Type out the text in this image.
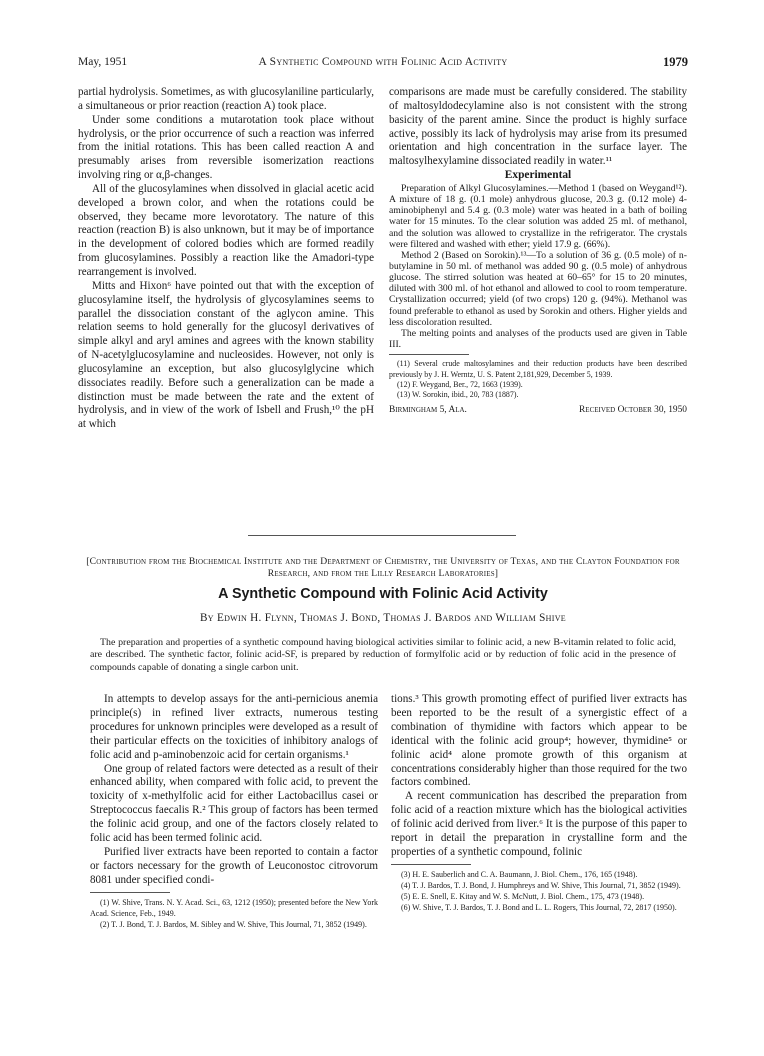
May, 1951	A Synthetic Compound with Folinic Acid Activity	1979

partial hydrolysis. Sometimes, as with glucosylaniline particularly, a simultaneous or prior reaction (reaction A) took place.

Under some conditions a mutarotation took place without hydrolysis, or the prior occurrence of such a reaction was inferred from the initial rotations. This has been called reaction A and presumably arises from reversible isomerization reactions involving ring or α,β-changes.

All of the glucosylamines when dissolved in glacial acetic acid developed a brown color, and when the rotations could be observed, they became more levorotatory. The nature of this reaction (reaction B) is also unknown, but it may be of importance in the development of colored bodies which are formed readily from glucosylamines. Possibly a reaction like the Amadori-type rearrangement is involved.

Mitts and Hixon⁶ have pointed out that with the exception of glucosylamine itself, the hydrolysis of glycosylamines seems to parallel the dissociation constant of the aglycon amine. This relation seems to hold generally for the glucosyl derivatives of simple alkyl and aryl amines and agrees with the known stability of N-acetylglucosylamine and nucleosides. However, not only is glucosylamine an exception, but also glucosylglycine which dissociates readily. Before such a generalization can be made a distinction must be made between the rate and the extent of hydrolysis, and in view of the work of Isbell and Frush,¹⁰ the pH at which

comparisons are made must be carefully considered. The stability of maltosyldodecylamine also is not consistent with the strong basicity of the parent amine. Since the product is highly surface active, possibly its lack of hydrolysis may arise from its presumed orientation and high concentration in the surface layer. The maltosylhexylamine dissociated readily in water.¹¹

Experimental

Preparation of Alkyl Glucosylamines.—Method 1 (based on Weygand¹²). A mixture of 18 g. (0.1 mole) anhydrous glucose, 20.3 g. (0.12 mole) 4-aminobiphenyl and 5.4 g. (0.3 mole) water was heated in a bath of boiling water for 15 minutes. To the clear solution was added 25 ml. of methanol, and the solution was allowed to crystallize in the refrigerator. The crystals were filtered and washed with ether; yield 17.9 g. (66%).

Method 2 (Based on Sorokin).¹³—To a solution of 36 g. (0.5 mole) of n-butylamine in 50 ml. of methanol was added 90 g. (0.5 mole) of anhydrous glucose. The stirred solution was heated at 60–65° for 15 to 20 minutes, diluted with 300 ml. of hot ethanol and allowed to cool to room temperature. Crystallization occurred; yield (of two crops) 120 g. (94%). Methanol was found preferable to ethanol as used by Sorokin and others. Higher yields and less discoloration resulted.

The melting points and analyses of the products used are given in Table III.

(11) Several crude maltosylamines and their reduction products have been described previously by J. H. Werntz, U. S. Patent 2,181,929, December 5, 1939.

(12) F. Weygand, Ber., 72, 1663 (1939).

(13) W. Sorokin, ibid., 20, 783 (1887).

Birmingham 5, Ala.	Received October 30, 1950
[Contribution from the Biochemical Institute and the Department of Chemistry, the University of Texas, and the Clayton Foundation for Research, and from the Lilly Research Laboratories]
A Synthetic Compound with Folinic Acid Activity
By Edwin H. Flynn, Thomas J. Bond, Thomas J. Bardos and William Shive

The preparation and properties of a synthetic compound having biological activities similar to folinic acid, a new B-vitamin related to folic acid, are described. The synthetic factor, folinic acid-SF, is prepared by reduction of formylfolic acid or by reduction of folic acid in the presence of compounds capable of donating a single carbon unit.

In attempts to develop assays for the anti-pernicious anemia principle(s) in refined liver extracts, numerous testing procedures for unknown principles were developed as a result of their particular effects on the toxicities of inhibitory analogs of folic acid and p-aminobenzoic acid for certain organisms.¹

One group of related factors were detected as a result of their enhanced ability, when compared with folic acid, to prevent the toxicity of x-methylfolic acid for either Lactobacillus casei or Streptococcus faecalis R.² This group of factors has been termed the folinic acid group, and one of the factors closely related to folic acid has been termed folinic acid.

Purified liver extracts have been reported to contain a factor or factors necessary for the growth of Leuconostoc citrovorum 8081 under specified condi-

(1) W. Shive, Trans. N. Y. Acad. Sci., 63, 1212 (1950); presented before the New York Acad. Science, Feb., 1949.

(2) T. J. Bond, T. J. Bardos, M. Sibley and W. Shive, This Journal, 71, 3852 (1949).

tions.³ This growth promoting effect of purified liver extracts has been reported to be the result of a synergistic effect of a combination of thymidine with factors which appear to be identical with the folinic acid group⁴; however, thymidine⁵ or folinic acid⁴ alone promote growth of this organism at concentrations considerably higher than those required for the two factors combined.

A recent communication has described the preparation from folic acid of a reaction mixture which has the biological activities of folinic acid derived from liver.⁶ It is the purpose of this paper to report in detail the preparation in crystalline form and the properties of a synthetic compound, folinic

(3) H. E. Sauberlich and C. A. Baumann, J. Biol. Chem., 176, 165 (1948).

(4) T. J. Bardos, T. J. Bond, J. Humphreys and W. Shive, This Journal, 71, 3852 (1949).

(5) E. E. Snell, E. Kitay and W. S. McNutt, J. Biol. Chem., 175, 473 (1948).

(6) W. Shive, T. J. Bardos, T. J. Bond and L. L. Rogers, This Journal, 72, 2817 (1950).
